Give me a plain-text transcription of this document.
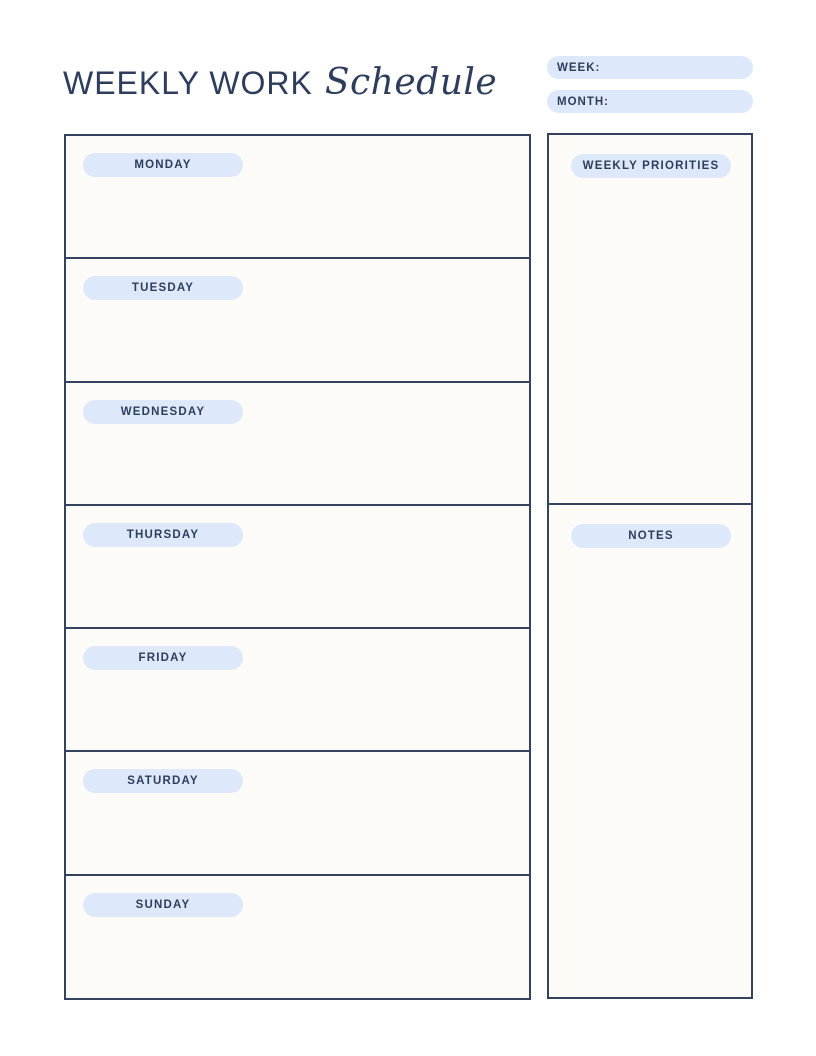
WEEKLY WORK Schedule	WEEK:
MONTH:
MONDAY
TUESDAY
WEDNESDAY
THURSDAY
FRIDAY
SATURDAY
SUNDAY
WEEKLY PRIORITIES
NOTES
